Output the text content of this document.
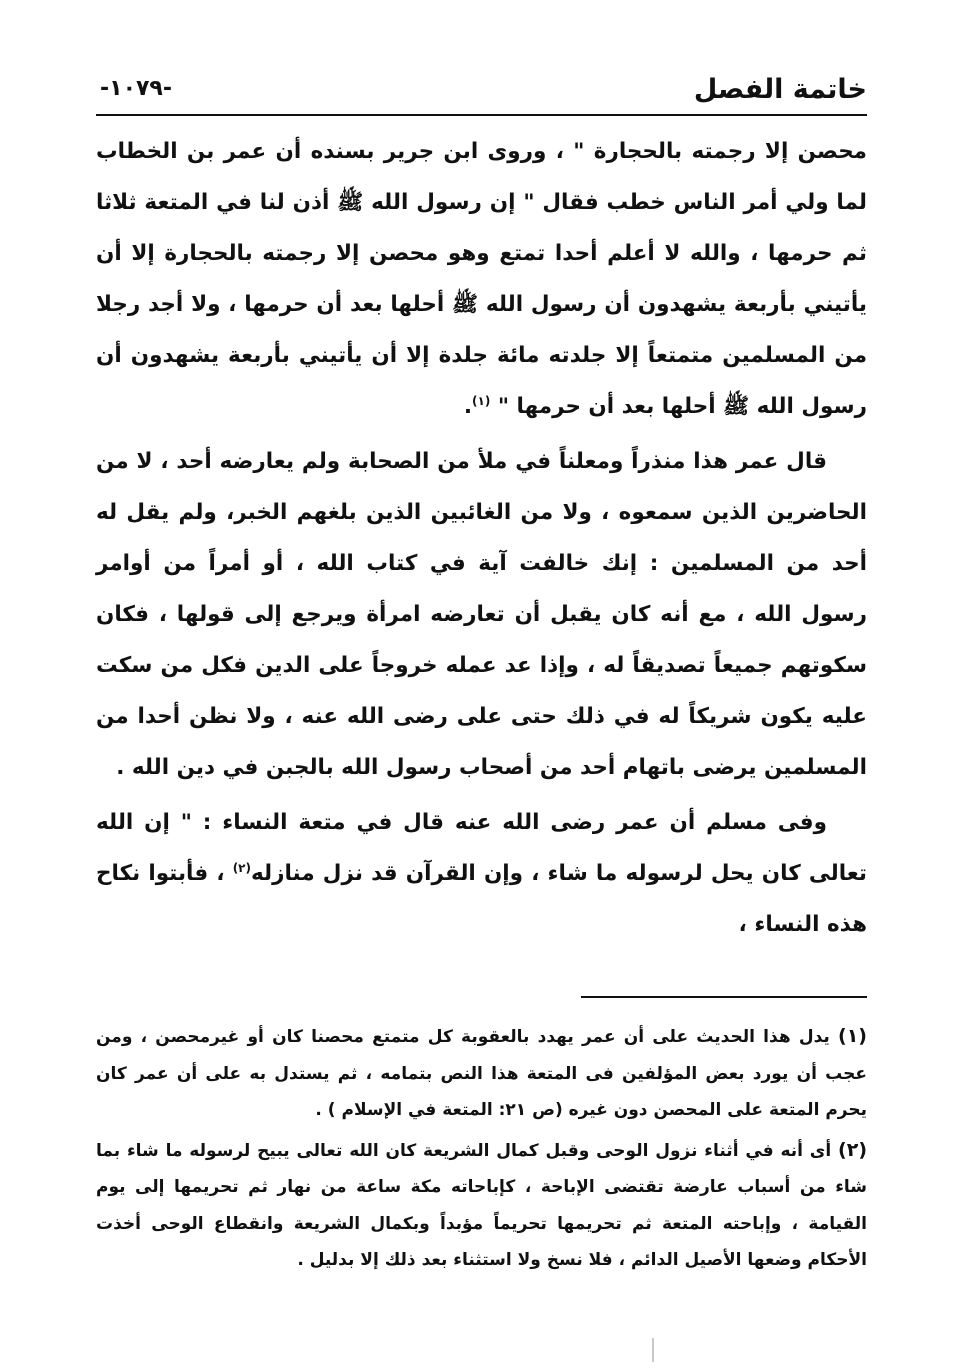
خاتمة الفصل
-١٠٧٩-

محصن إلا رجمته بالحجارة " ، وروى ابن جرير بسنده أن عمر بن الخطاب لما ولي أمر الناس خطب فقال " إن رسول الله ﷺ أذن لنا في المتعة ثلاثا ثم حرمها ، والله لا أعلم أحدا تمتع وهو محصن إلا رجمته بالحجارة إلا أن يأتيني بأربعة يشهدون أن رسول الله ﷺ أحلها بعد أن حرمها ، ولا أجد رجلا من المسلمين متمتعاً إلا جلدته مائة جلدة إلا أن يأتيني بأربعة يشهدون أن رسول الله ﷺ أحلها بعد أن حرمها " $^{(١)}$.

قال عمر هذا منذراً ومعلناً في ملأ من الصحابة ولم يعارضه أحد ، لا من الحاضرين الذين سمعوه ، ولا من الغائبين الذين بلغهم الخبر، ولم يقل له أحد من المسلمين : إنك خالفت آية في كتاب الله ، أو أمراً من أوامر رسول الله ، مع أنه كان يقبل أن تعارضه امرأة ويرجع إلى قولها ، فكان سكوتهم جميعاً تصديقاً له ، وإذا عد عمله خروجاً على الدين فكل من سكت عليه يكون شريكاً له في ذلك حتى على رضى الله عنه ، ولا نظن أحدا من المسلمين يرضى باتهام أحد من أصحاب رسول الله بالجبن في دين الله .

وفى مسلم أن عمر رضى الله عنه قال في متعة النساء : " إن الله تعالى كان يحل لرسوله ما شاء ، وإن القرآن قد نزل منازله$^{(٢)}$ ، فأبتوا نكاح هذه النساء ،

(١) يدل هذا الحديث على أن عمر يهدد بالعقوبة كل متمتع محصنا كان أو غيرمحصن ، ومن عجب أن يورد بعض المؤلفين فى المتعة هذا النص بتمامه ، ثم يستدل به على أن عمر كان يحرم المتعة على المحصن دون غيره (ص ٢١: المتعة في الإسلام ) .

(٢) أى أنه في أثناء نزول الوحى وقبل كمال الشريعة كان الله تعالى يبيح لرسوله ما شاء بما شاء من أسباب عارضة تقتضى الإباحة ، كإباحاته مكة ساعة من نهار ثم تحريمها إلى يوم القيامة ، وإباحته المتعة ثم تحريمها تحريماً مؤبداً وبكمال الشريعة وانقطاع الوحى أخذت الأحكام وضعها الأصيل الدائم ، فلا نسخ ولا استثناء بعد ذلك إلا بدليل .
